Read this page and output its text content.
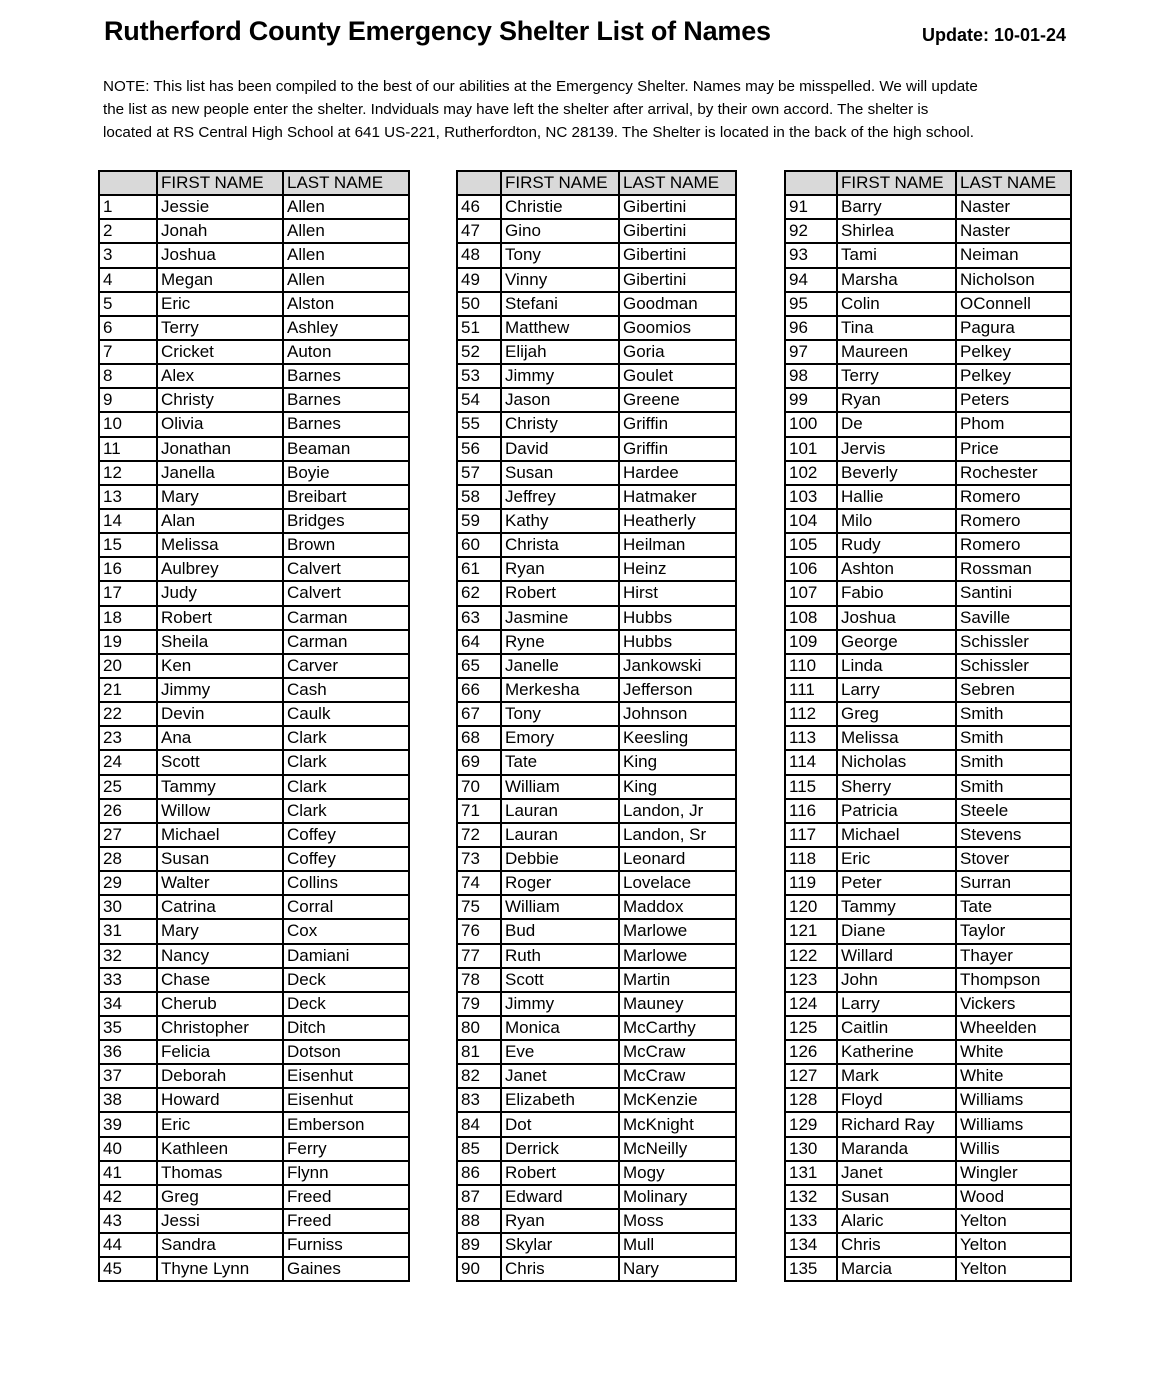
Rutherford County Emergency Shelter List of Names	Update: 10-01-24
NOTE: This list has been compiled to the best of our abilities at the Emergency Shelter. Names may be misspelled. We will update
the list as new people enter the shelter. Indviduals may have left the shelter after arrival, by their own accord. The shelter is
located at RS Central High School at 641 US-221, Rutherfordton, NC 28139. The Shelter is located in the back of the high school.
	FIRST NAME	LAST NAME
1	Jessie	Allen
2	Jonah	Allen
3	Joshua	Allen
4	Megan	Allen
5	Eric	Alston
6	Terry	Ashley
7	Cricket	Auton
8	Alex	Barnes
9	Christy	Barnes
10	Olivia	Barnes
11	Jonathan	Beaman
12	Janella	Boyie
13	Mary	Breibart
14	Alan	Bridges
15	Melissa	Brown
16	Aulbrey	Calvert
17	Judy	Calvert
18	Robert	Carman
19	Sheila	Carman
20	Ken	Carver
21	Jimmy	Cash
22	Devin	Caulk
23	Ana	Clark
24	Scott	Clark
25	Tammy	Clark
26	Willow	Clark
27	Michael	Coffey
28	Susan	Coffey
29	Walter	Collins
30	Catrina	Corral
31	Mary	Cox
32	Nancy	Damiani
33	Chase	Deck
34	Cherub	Deck
35	Christopher	Ditch
36	Felicia	Dotson
37	Deborah	Eisenhut
38	Howard	Eisenhut
39	Eric	Emberson
40	Kathleen	Ferry
41	Thomas	Flynn
42	Greg	Freed
43	Jessi	Freed
44	Sandra	Furniss
45	Thyne Lynn	Gaines
	FIRST NAME	LAST NAME
46	Christie	Gibertini
47	Gino	Gibertini
48	Tony	Gibertini
49	Vinny	Gibertini
50	Stefani	Goodman
51	Matthew	Goomios
52	Elijah	Goria
53	Jimmy	Goulet
54	Jason	Greene
55	Christy	Griffin
56	David	Griffin
57	Susan	Hardee
58	Jeffrey	Hatmaker
59	Kathy	Heatherly
60	Christa	Heilman
61	Ryan	Heinz
62	Robert	Hirst
63	Jasmine	Hubbs
64	Ryne	Hubbs
65	Janelle	Jankowski
66	Merkesha	Jefferson
67	Tony	Johnson
68	Emory	Keesling
69	Tate	King
70	William	King
71	Lauran	Landon, Jr
72	Lauran	Landon, Sr
73	Debbie	Leonard
74	Roger	Lovelace
75	William	Maddox
76	Bud	Marlowe
77	Ruth	Marlowe
78	Scott	Martin
79	Jimmy	Mauney
80	Monica	McCarthy
81	Eve	McCraw
82	Janet	McCraw
83	Elizabeth	McKenzie
84	Dot	McKnight
85	Derrick	McNeilly
86	Robert	Mogy
87	Edward	Molinary
88	Ryan	Moss
89	Skylar	Mull
90	Chris	Nary
	FIRST NAME	LAST NAME
91	Barry	Naster
92	Shirlea	Naster
93	Tami	Neiman
94	Marsha	Nicholson
95	Colin	OConnell
96	Tina	Pagura
97	Maureen	Pelkey
98	Terry	Pelkey
99	Ryan	Peters
100	De	Phom
101	Jervis	Price
102	Beverly	Rochester
103	Hallie	Romero
104	Milo	Romero
105	Rudy	Romero
106	Ashton	Rossman
107	Fabio	Santini
108	Joshua	Saville
109	George	Schissler
110	Linda	Schissler
111	Larry	Sebren
112	Greg	Smith
113	Melissa	Smith
114	Nicholas	Smith
115	Sherry	Smith
116	Patricia	Steele
117	Michael	Stevens
118	Eric	Stover
119	Peter	Surran
120	Tammy	Tate
121	Diane	Taylor
122	Willard	Thayer
123	John	Thompson
124	Larry	Vickers
125	Caitlin	Wheelden
126	Katherine	White
127	Mark	White
128	Floyd	Williams
129	Richard Ray	Williams
130	Maranda	Willis
131	Janet	Wingler
132	Susan	Wood
133	Alaric	Yelton
134	Chris	Yelton
135	Marcia	Yelton
